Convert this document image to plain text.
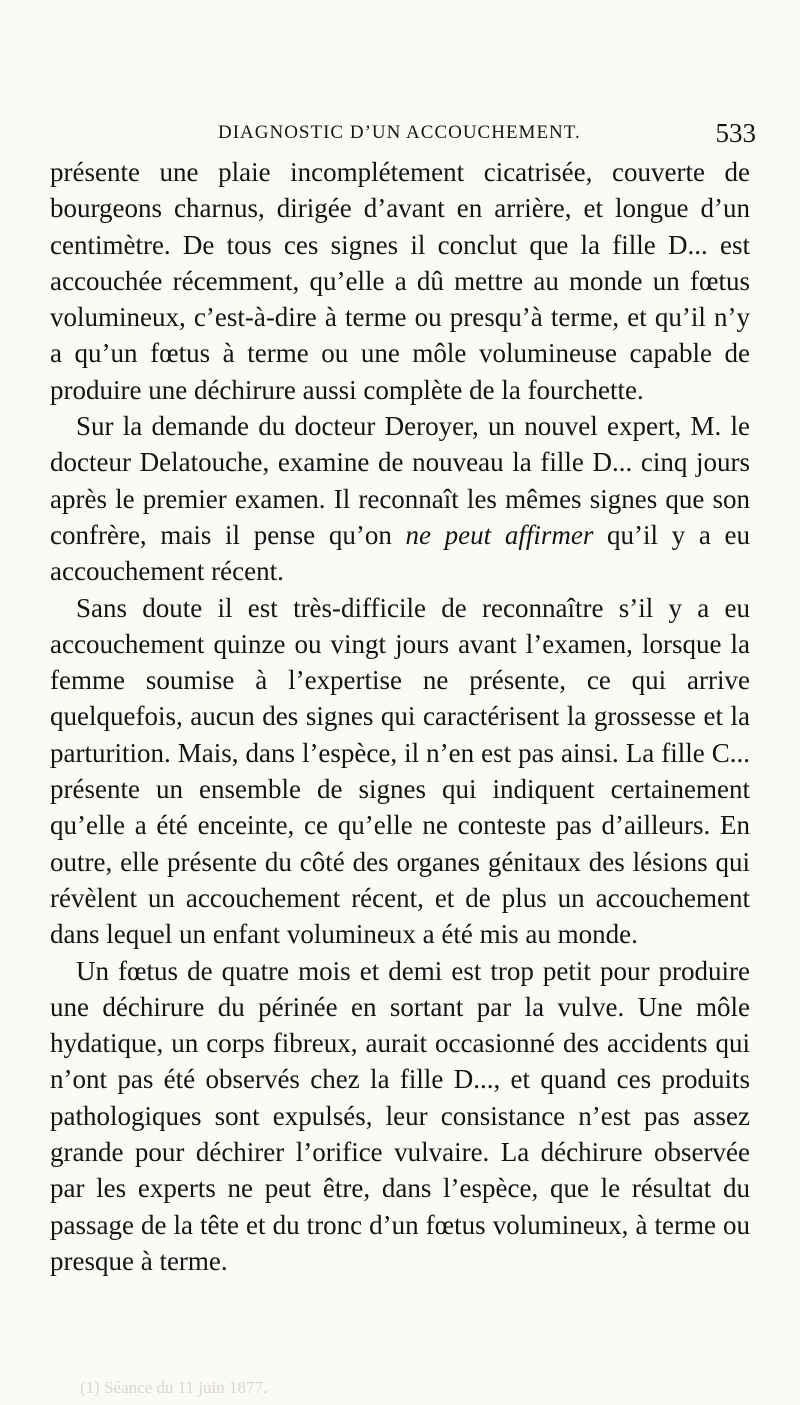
DIAGNOSTIC D’UN ACCOUCHEMENT.	533

présente une plaie incomplétement cicatrisée, couverte de bourgeons charnus, dirigée d’avant en arrière, et longue d’un centimètre. De tous ces signes il conclut que la fille D... est accouchée récemment, qu’elle a dû mettre au monde un fœtus volumineux, c’est-à-dire à terme ou presqu’à terme, et qu’il n’y a qu’un fœtus à terme ou une môle volumineuse capable de produire une déchirure aussi complète de la fourchette.

Sur la demande du docteur Deroyer, un nouvel expert, M. le docteur Delatouche, examine de nouveau la fille D... cinq jours après le premier examen. Il reconnaît les mêmes signes que son confrère, mais il pense qu’on ne peut affirmer qu’il y a eu accouchement récent.

Sans doute il est très-difficile de reconnaître s’il y a eu accouchement quinze ou vingt jours avant l’examen, lorsque la femme soumise à l’expertise ne présente, ce qui arrive quelquefois, aucun des signes qui caractérisent la grossesse et la parturition. Mais, dans l’espèce, il n’en est pas ainsi. La fille C... présente un ensemble de signes qui indiquent certainement qu’elle a été enceinte, ce qu’elle ne conteste pas d’ailleurs. En outre, elle présente du côté des organes génitaux des lésions qui révèlent un accouchement récent, et de plus un accouchement dans lequel un enfant volumineux a été mis au monde.

Un fœtus de quatre mois et demi est trop petit pour produire une déchirure du périnée en sortant par la vulve. Une môle hydatique, un corps fibreux, aurait occasionné des accidents qui n’ont pas été observés chez la fille D..., et quand ces produits pathologiques sont expulsés, leur consistance n’est pas assez grande pour déchirer l’orifice vulvaire. La déchirure observée par les experts ne peut être, dans l’espèce, que le résultat du passage de la tête et du tronc d’un fœtus volumineux, à terme ou presque à terme.

(1) Séance du 11 juin 1877.
